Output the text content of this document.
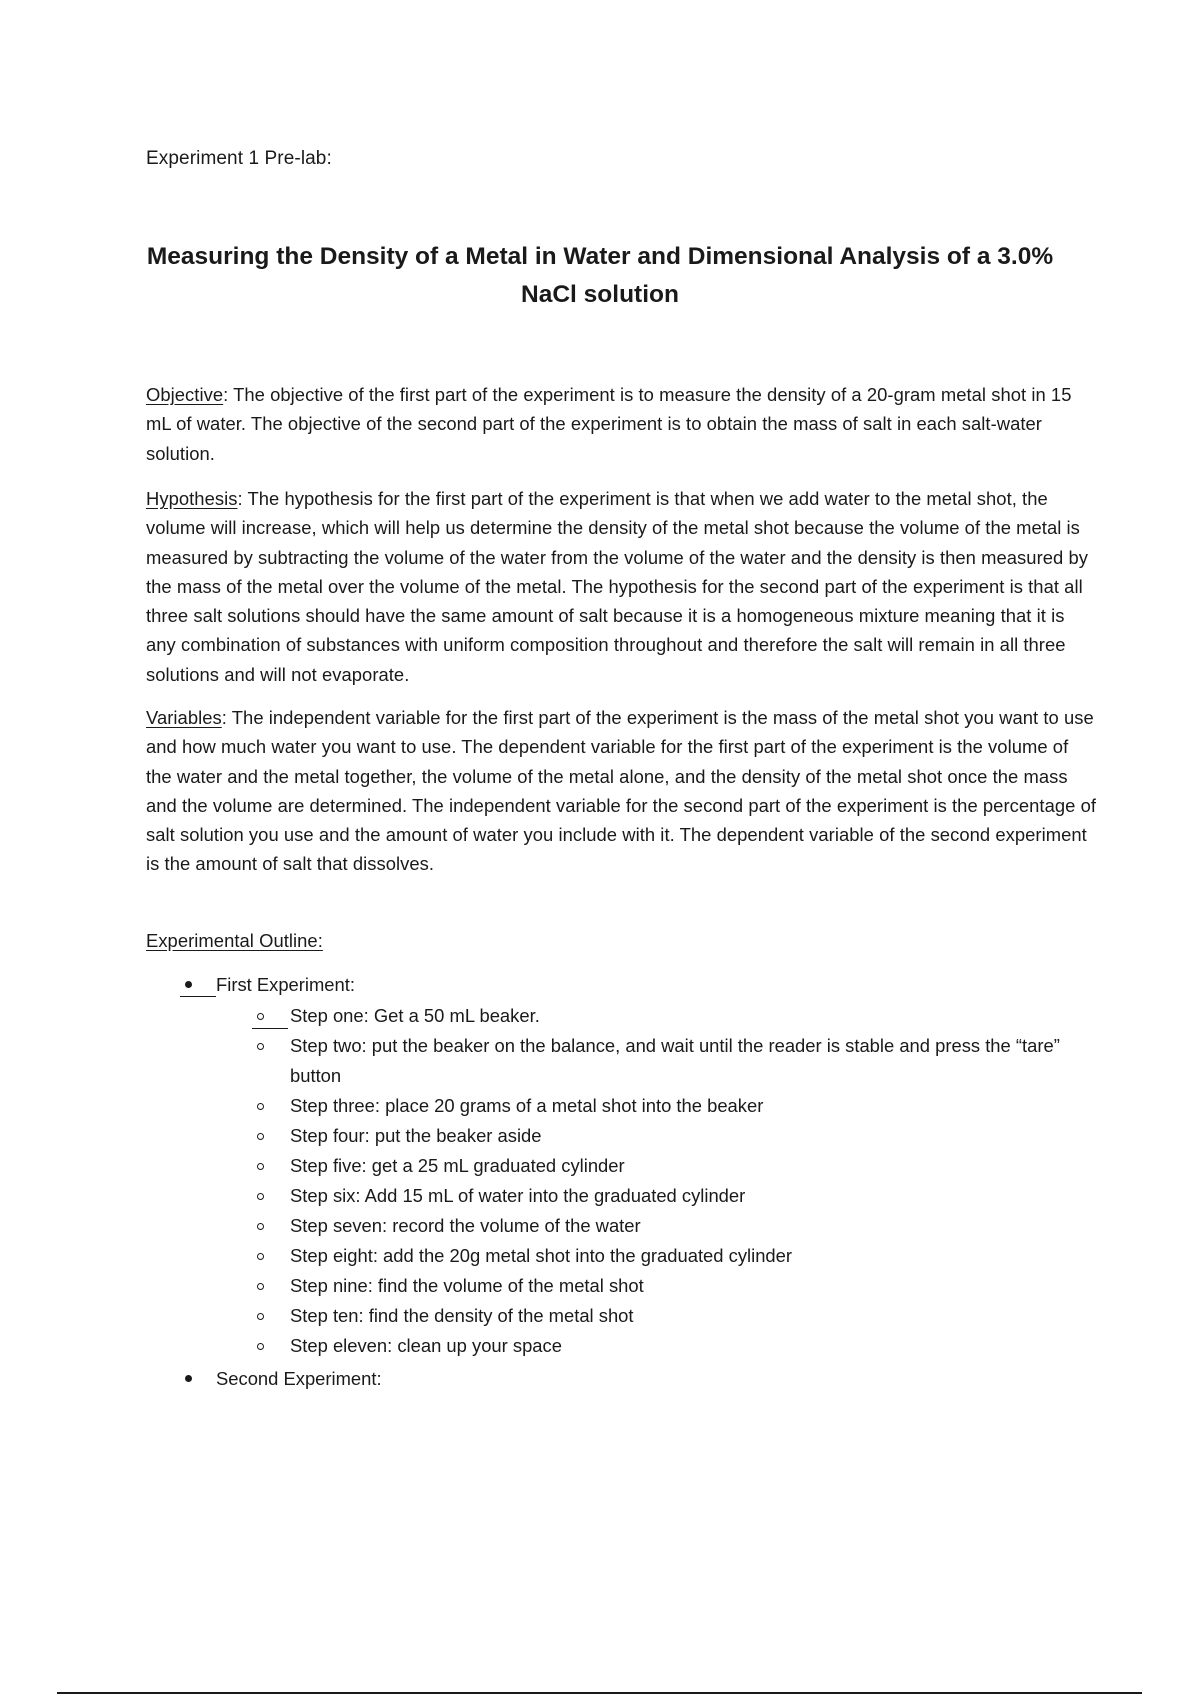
Experiment 1 Pre-lab:
Measuring the Density of a Metal in Water and Dimensional Analysis of a 3.0%
NaCl solution
Objective: The objective of the first part of the experiment is to measure the density of a 20-gram metal shot in 15 mL of water. The objective of the second part of the experiment is to obtain the mass of salt in each salt-water solution.
Hypothesis: The hypothesis for the first part of the experiment is that when we add water to the metal shot, the volume will increase, which will help us determine the density of the metal shot because the volume of the metal is measured by subtracting the volume of the water from the volume of the water and the density is then measured by the mass of the metal over the volume of the metal. The hypothesis for the second part of the experiment is that all three salt solutions should have the same amount of salt because it is a homogeneous mixture meaning that it is any combination of substances with uniform composition throughout and therefore the salt will remain in all three solutions and will not evaporate.
Variables: The independent variable for the first part of the experiment is the mass of the metal shot you want to use and how much water you want to use. The dependent variable for the first part of the experiment is the volume of the water and the metal together, the volume of the metal alone, and the density of the metal shot once the mass and the volume are determined. The independent variable for the second part of the experiment is the percentage of salt solution you use and the amount of water you include with it. The dependent variable of the second experiment is the amount of salt that dissolves.
Experimental Outline:
First Experiment:
Step one: Get a 50 mL beaker.
Step two: put the beaker on the balance, and wait until the reader is stable and press the “tare” button
Step three: place 20 grams of a metal shot into the beaker
Step four: put the beaker aside
Step five: get a 25 mL graduated cylinder
Step six: Add 15 mL of water into the graduated cylinder
Step seven: record the volume of the water
Step eight: add the 20g metal shot into the graduated cylinder
Step nine: find the volume of the metal shot
Step ten: find the density of the metal shot
Step eleven: clean up your space
Second Experiment:
